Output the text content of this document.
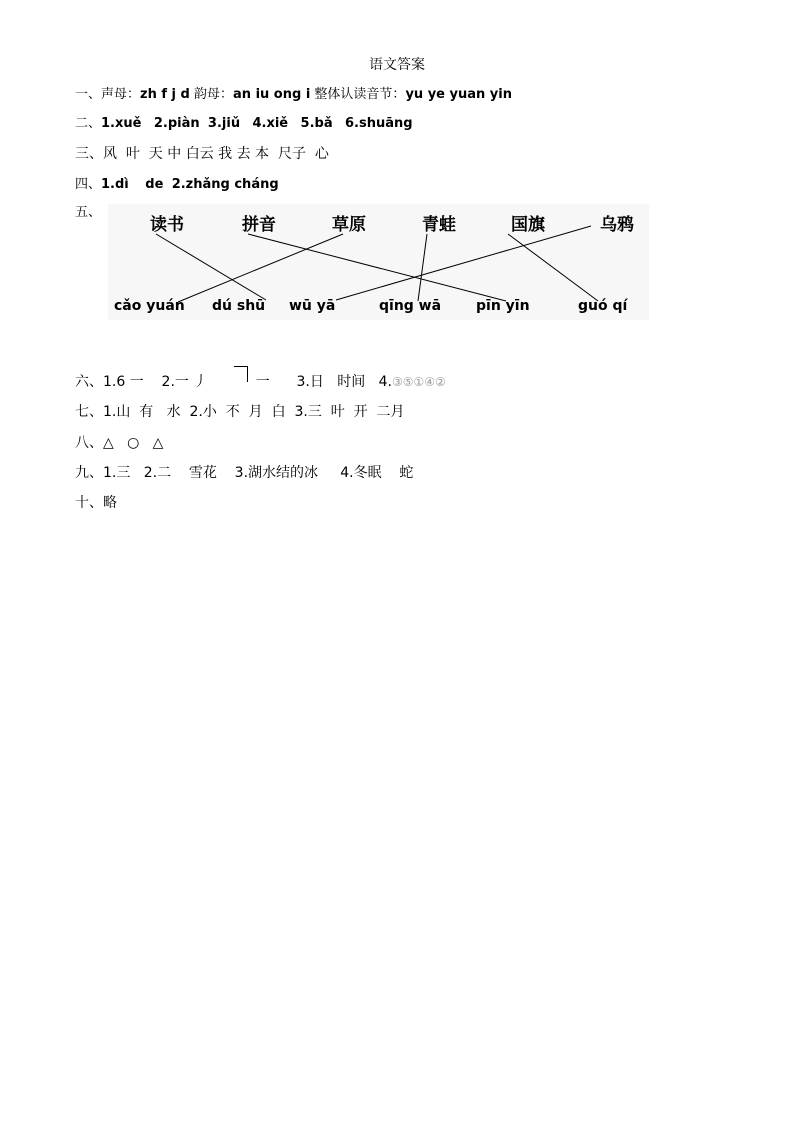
语文答案
一、声母：zh f j d 韵母：an iu ong i 整体认读音节：yu ye yuan yin
二、1.xuě 2.piàn 3.jiǔ 4.xiě 5.bǎ 6.shuāng
三、风  叶  天 中 白云 我 去 本  尺子  心
四、1.dì de 2.zhǎng cháng
五、
读书	拼音	草原	青蛙	国旗	乌鸦
cǎo yuán dú shū wū yā	qīng wā pīn yīn	guó qí
六、1.6 一 2.一 丿	一 3.日   时间 4.③⑤①④②
七、1.山  有   水  2.小  不  月  白  3.三  叶  开  二月
八、△   ○   △
九、1.三   2.二    雪花    3.湖水结的冰     4.冬眠    蛇
十、略
